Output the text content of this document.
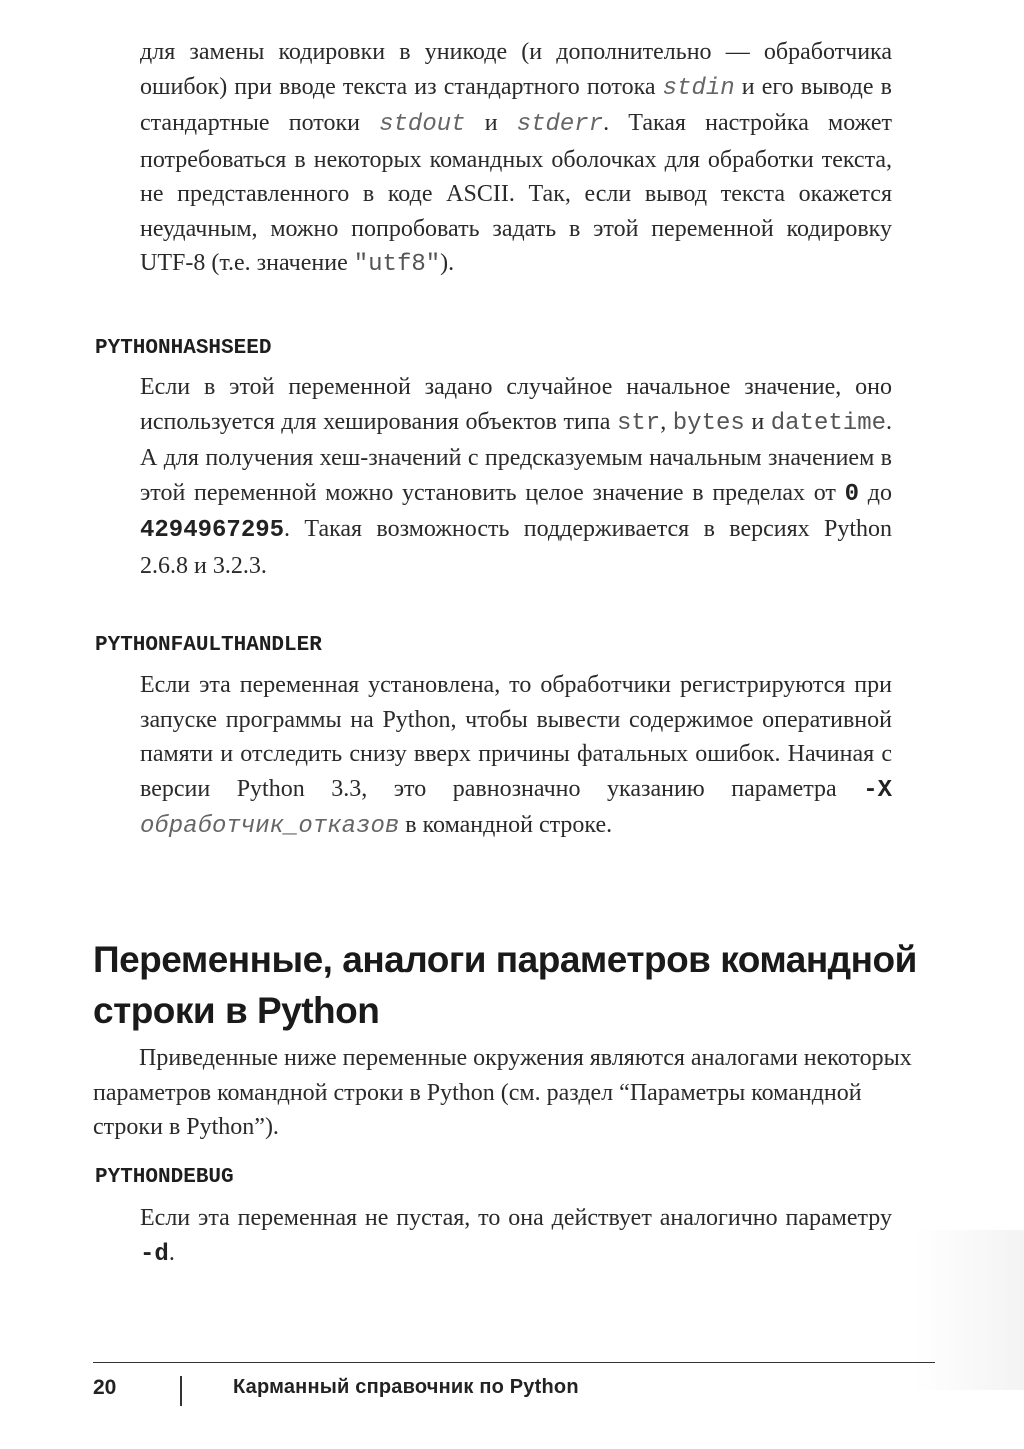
для замены кодировки в уникоде (и дополнительно — обработчика ошибок) при вводе текста из стандартного потока stdin и его выводе в стандартные потоки stdout и stderr. Такая настройка может потребоваться в некоторых командных оболочках для обработки текста, не представленного в коде ASCII. Так, если вывод текста окажется неудачным, можно попробовать задать в этой переменной кодировку UTF-8 (т.е. значение "utf8").

PYTHONHASHSEED

Если в этой переменной задано случайное начальное значение, оно используется для хеширования объектов типа str, bytes и datetime. А для получения хеш-значений с предсказуемым начальным значением в этой переменной можно установить целое значение в пределах от 0 до 4294967295. Такая возможность поддерживается в версиях Python 2.6.8 и 3.2.3.

PYTHONFAULTHANDLER

Если эта переменная установлена, то обработчики регистрируются при запуске программы на Python, чтобы вывести содержимое оперативной памяти и отследить снизу вверх причины фатальных ошибок. Начиная с версии Python 3.3, это равнозначно указанию параметра -X обработчик_отказов в командной строке.

Переменные, аналоги параметров командной строки в Python

Приведенные ниже переменные окружения являются аналогами некоторых параметров командной строки в Python (см. раздел “Параметры командной строки в Python”).

PYTHONDEBUG

Если эта переменная не пустая, то она действует аналогично параметру -d.

20	Карманный справочник по Python
